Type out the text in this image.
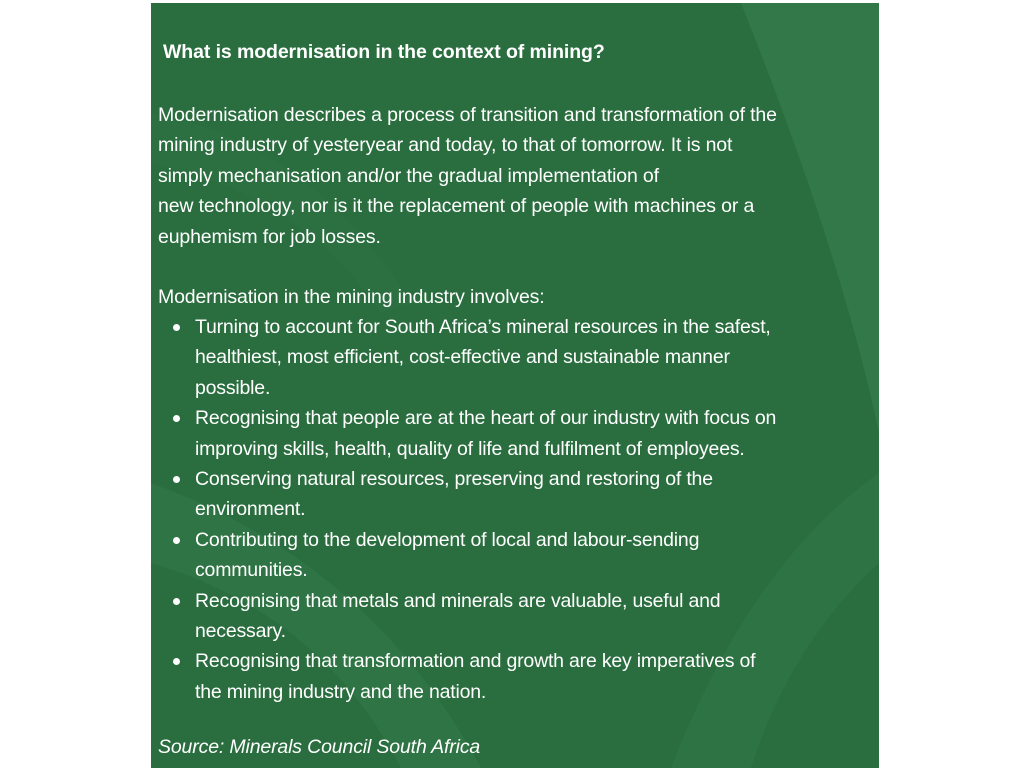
What is modernisation in the context of mining?
Modernisation describes a process of transition and transformation of the
mining industry of yesteryear and today, to that of tomorrow. It is not
simply mechanisation and/or the gradual implementation of
new technology, nor is it the replacement of people with machines or a
euphemism for job losses.
Modernisation in the mining industry involves:
Turning to account for South Africa’s mineral resources in the safest,
healthiest, most efficient, cost-effective and sustainable manner
possible.
Recognising that people are at the heart of our industry with focus on
improving skills, health, quality of life and fulfilment of employees.
Conserving natural resources, preserving and restoring of the
environment.
Contributing to the development of local and labour-sending
communities.
Recognising that metals and minerals are valuable, useful and
necessary.
Recognising that transformation and growth are key imperatives of
the mining industry and the nation.
Source: Minerals Council South Africa
